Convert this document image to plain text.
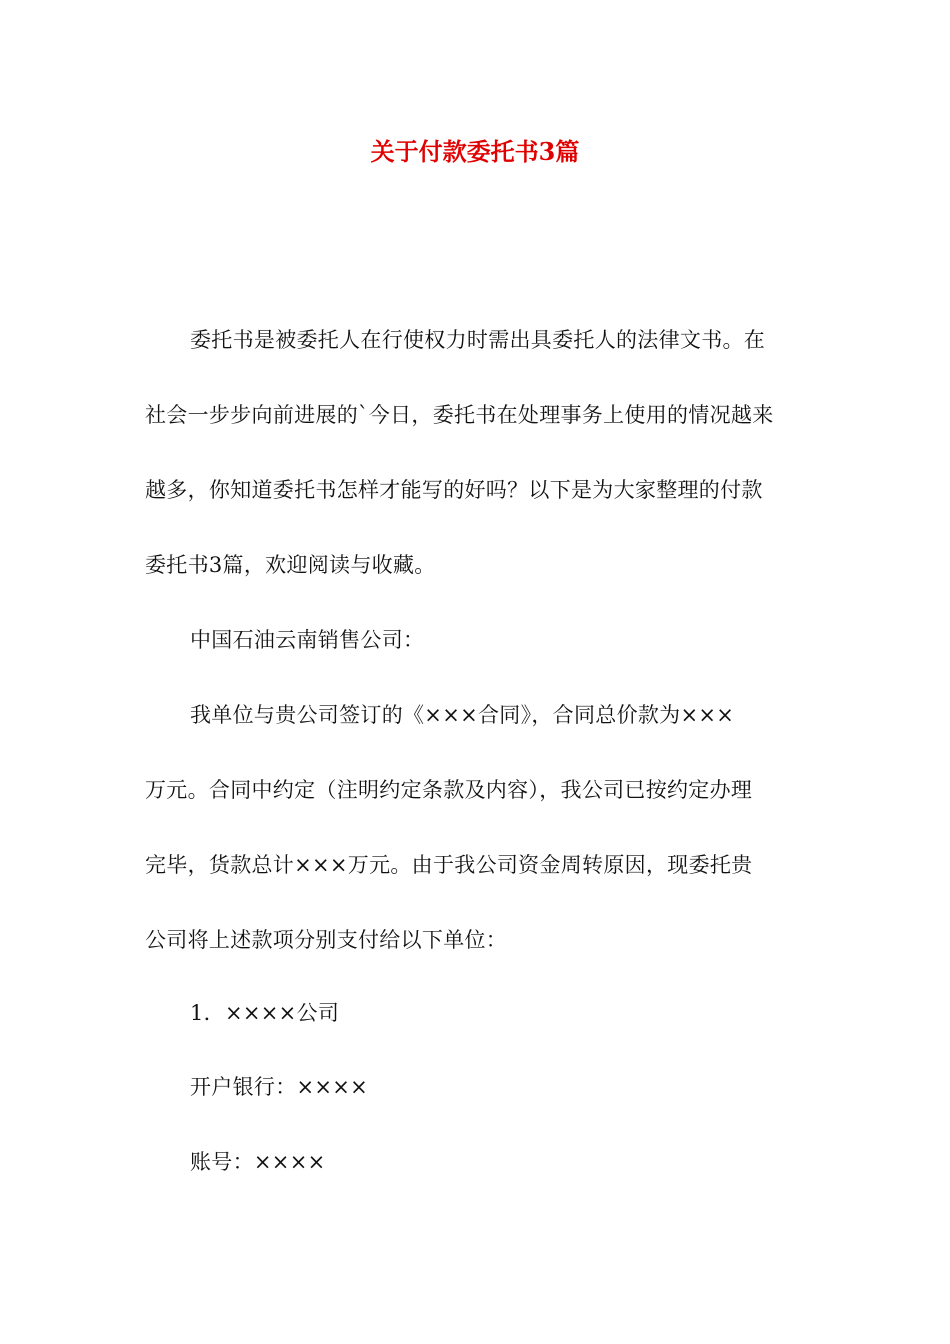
关于付款委托书3篇
委托书是被委托人在行使权力时需出具委托人的法律文书。在
社会一步步向前进展的`今日，委托书在处理事务上使用的情况越来
越多，你知道委托书怎样才能写的好吗？以下是为大家整理的付款
委托书3篇，欢迎阅读与收藏。
中国石油云南销售公司：
我单位与贵公司签订的《×××合同》，合同总价款为×××
万元。合同中约定（注明约定条款及内容），我公司已按约定办理
完毕，货款总计×××万元。由于我公司资金周转原因，现委托贵
公司将上述款项分别支付给以下单位：
1．××××公司
开户银行：××××
账号：××××
